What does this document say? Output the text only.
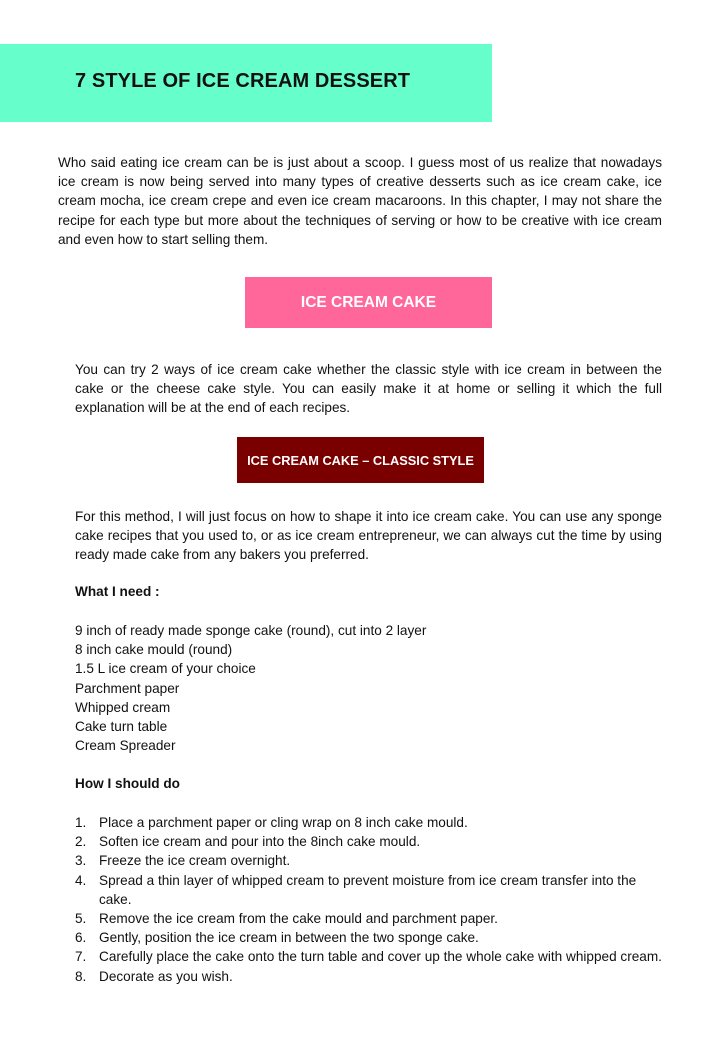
7 STYLE OF ICE CREAM DESSERT

Who said eating ice cream can be is just about a scoop. I guess most of us realize that nowadays ice cream is now being served into many types of creative desserts such as ice cream cake, ice cream mocha, ice cream crepe and even ice cream macaroons. In this chapter, I may not share the recipe for each type but more about the techniques of serving or how to be creative with ice cream and even how to start selling them.

ICE CREAM CAKE

You can try 2 ways of ice cream cake whether the classic style with ice cream in between the cake or the cheese cake style. You can easily make it at home or selling it which the full explanation will be at the end of each recipes.

ICE CREAM CAKE – CLASSIC STYLE

For this method, I will just focus on how to shape it into ice cream cake. You can use any sponge cake recipes that you used to, or as ice cream entrepreneur, we can always cut the time by using ready made cake from any bakers you preferred.

What I need :
9 inch of ready made sponge cake (round), cut into 2 layer
8 inch cake mould (round)
1.5 L ice cream of your choice
Parchment paper
Whipped cream
Cake turn table
Cream Spreader
How I should do
1. Place a parchment paper or cling wrap on 8 inch cake mould.
2. Soften ice cream and pour into the 8inch cake mould.
3. Freeze the ice cream overnight.
4. Spread a thin layer of whipped cream to prevent moisture from ice cream transfer into the cake.
5. Remove the ice cream from the cake mould and parchment paper.
6. Gently, position the ice cream in between the two sponge cake.
7. Carefully place the cake onto the turn table and cover up the whole cake with whipped cream.
8. Decorate as you wish.
